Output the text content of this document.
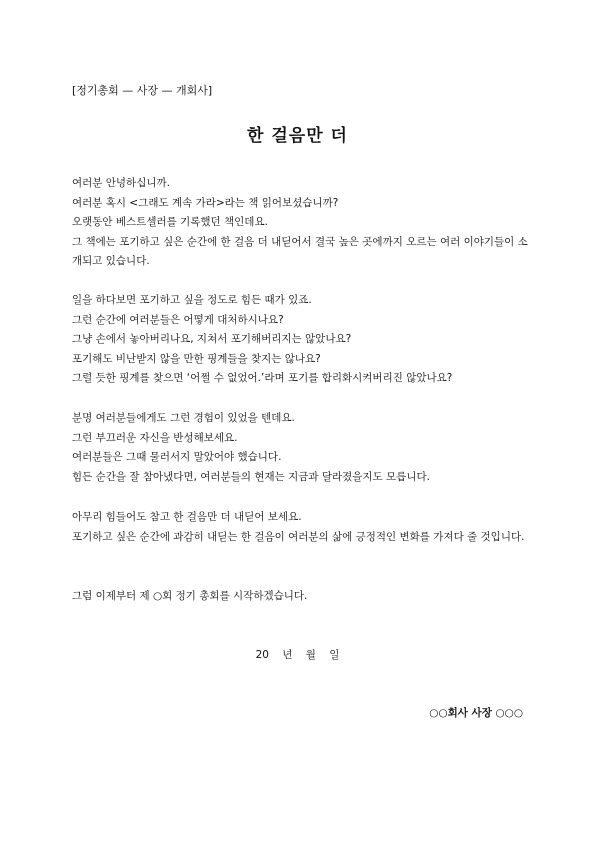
[정기총회 — 사장 — 개회사]
한 걸음만 더

여러분 안녕하십니까.

여러분 혹시 <그래도 계속 가라>라는 책 읽어보셨습니까?

오랫동안 베스트셀러를 기록했던 책인데요.

그 책에는 포기하고 싶은 순간에 한 걸음 더 내딛어서 결국 높은 곳에까지 오르는 여러 이야기들이 소개되고 있습니다.

일을 하다보면 포기하고 싶을 정도로 힘든 때가 있죠.

그런 순간에 여러분들은 어떻게 대처하시나요?

그냥 손에서 놓아버리나요, 지쳐서 포기해버리지는 않았나요?

포기해도 비난받지 않을 만한 핑계들을 찾지는 않나요?

그럴 듯한 핑계를 찾으면 ‘어쩔 수 없었어.’라며 포기를 합리화시켜버리진 않았나요?

분명 여러분들에게도 그런 경험이 있었을 텐데요.

그런 부끄러운 자신을 반성해보세요.

여러분들은 그때 물러서지 말았어야 했습니다.

힘든 순간을 잘 참아냈다면, 여러분들의 현재는 지금과 달라졌을지도 모릅니다.

아무리 힘들어도 참고 한 걸음만 더 내딛어 보세요.

포기하고 싶은 순간에 과감히 내딛는 한 걸음이 여러분의 삶에 긍정적인 변화를 가져다 줄 것입니다.

그럼 이제부터 제 ○회 정기 총회를 시작하겠습니다.

20    년    월    일
○○회사 사장 ○○○
